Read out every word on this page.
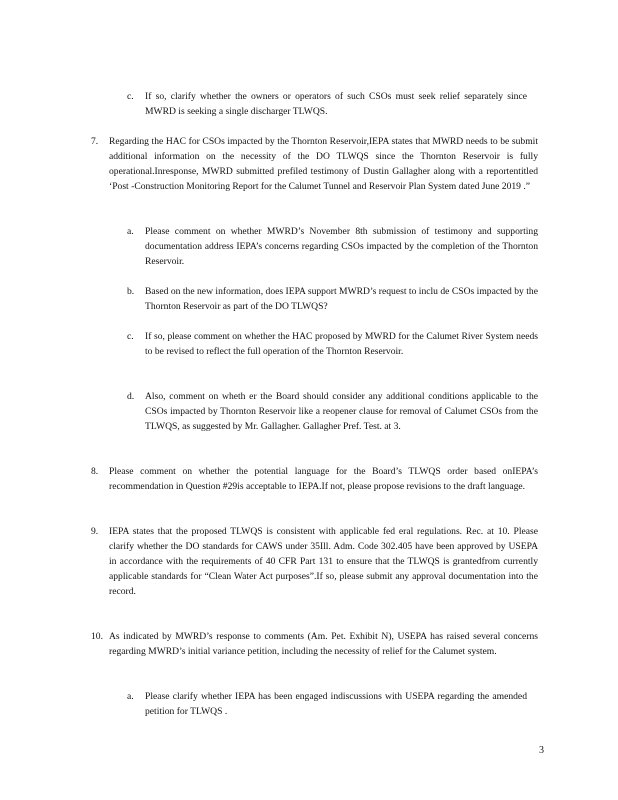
c.	If so, clarify whether the owners or operators of such CSOs must seek relief separately since MWRD is seeking a single discharger TLWQS.
7.	Regarding the HAC for CSOs impacted by the Thornton Reservoir,IEPA states that MWRD needs to be submit additional information on the necessity of the DO TLWQS since the Thornton Reservoir is fully operational.Inresponse, MWRD submitted prefiled testimony of Dustin Gallagher along with a reportentitled ‘Post -Construction Monitoring Report for the Calumet Tunnel and Reservoir Plan System dated June 2019 .”
a.	Please comment on whether MWRD’s November 8th submission of testimony and supporting documentation address IEPA’s concerns regarding CSOs impacted by the completion of the Thornton Reservoir.
b.	Based on the new information, does IEPA support MWRD’s request to inclu de CSOs impacted by the Thornton Reservoir as part of the DO TLWQS?
c.	If so, please comment on whether the HAC proposed by MWRD for the Calumet River System needs to be revised to reflect the full operation of the Thornton Reservoir.
d.	Also, comment on wheth er the Board should consider any additional conditions applicable to the CSOs impacted by Thornton Reservoir like a reopener clause for removal of Calumet CSOs from the TLWQS, as suggested by Mr. Gallagher. Gallagher Pref. Test. at 3.
8.	Please comment on whether the potential language for the Board’s TLWQS order based onIEPA’s recommendation in Question #29is acceptable to IEPA.If not, please propose revisions to the draft language.
9.	IEPA states that the proposed TLWQS is consistent with applicable fed eral regulations. Rec. at 10. Please clarify whether the DO standards for CAWS under 35Ill. Adm. Code 302.405 have been approved by USEPA in accordance with the requirements of 40 CFR Part 131 to ensure that the TLWQS is grantedfrom currently applicable standards for “Clean Water Act purposes”.If so, please submit any approval documentation into the record.
10. As indicated by MWRD’s response to comments (Am. Pet. Exhibit N), USEPA has raised several concerns regarding MWRD’s initial variance petition, including the necessity of relief for the Calumet system.
a.	Please clarify whether IEPA has been engaged indiscussions with USEPA regarding the amended petition for TLWQS .
3
